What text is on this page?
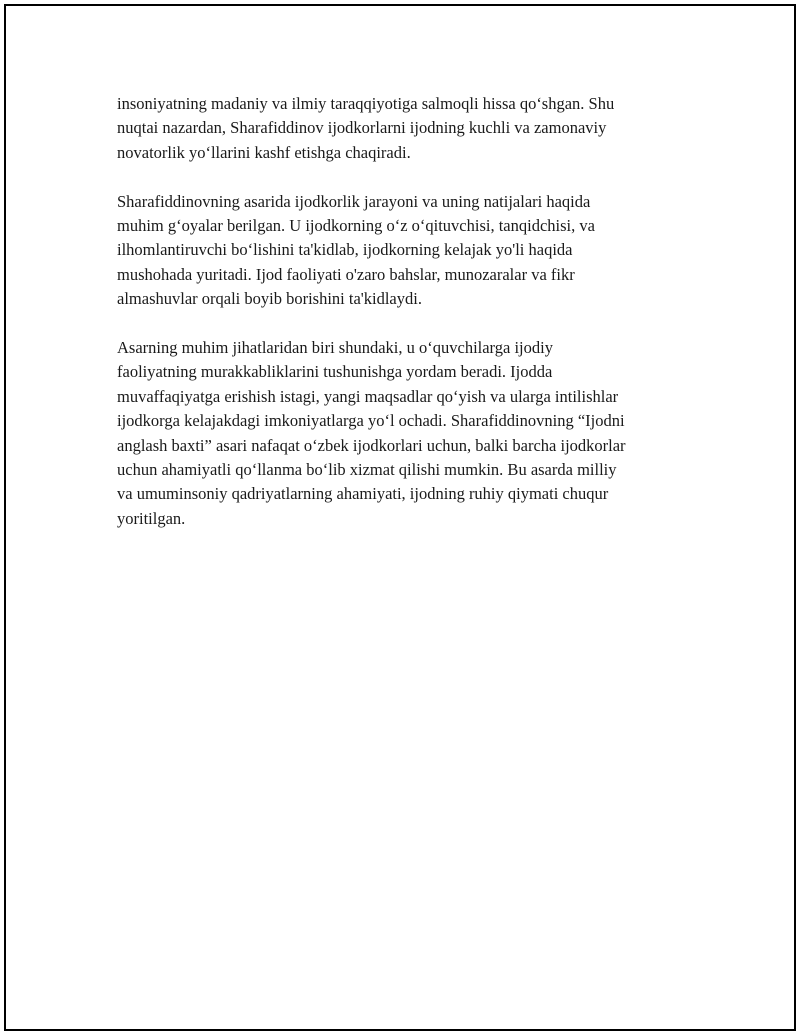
insoniyatning madaniy va ilmiy taraqqiyotiga salmoqli hissa qo‘shgan. Shu
nuqtai nazardan, Sharafiddinov ijodkorlarni ijodning kuchli va zamonaviy
novatorlik yo‘llarini kashf etishga chaqiradi.

Sharafiddinovning asarida ijodkorlik jarayoni va uning natijalari haqida
muhim g‘oyalar berilgan. U ijodkorning o‘z o‘qituvchisi, tanqidchisi, va
ilhomlantiruvchi bo‘lishini ta'kidlab, ijodkorning kelajak yo'li haqida
mushohada yuritadi. Ijod faoliyati o'zaro bahslar, munozaralar va fikr
almashuvlar orqali boyib borishini ta'kidlaydi.

Asarning muhim jihatlaridan biri shundaki, u o‘quvchilarga ijodiy
faoliyatning murakkabliklarini tushunishga yordam beradi. Ijodda
muvaffaqiyatga erishish istagi, yangi maqsadlar qo‘yish va ularga intilishlar
ijodkorga kelajakdagi imkoniyatlarga yo‘l ochadi. Sharafiddinovning “Ijodni
anglash baxti” asari nafaqat o‘zbek ijodkorlari uchun, balki barcha ijodkorlar
uchun ahamiyatli qo‘llanma bo‘lib xizmat qilishi mumkin. Bu asarda milliy
va umuminsoniy qadriyatlarning ahamiyati, ijodning ruhiy qiymati chuqur
yoritilgan.
